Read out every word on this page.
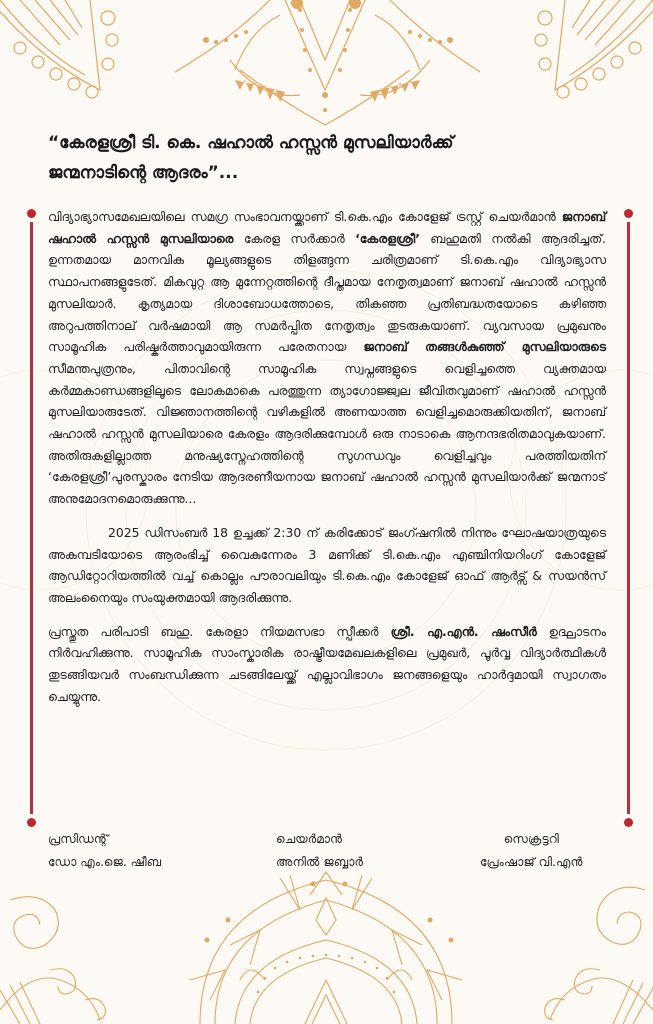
“കേരളശ്രീ ടി. കെ. ഷഹാൽ ഹസ്സൻ മുസലിയാർക്ക്
ജന്മനാടിന്റെ ആദരം”...

വിദ്യാഭ്യാസമേഖലയിലെ സമഗ്ര സംഭാവനയ്ക്കാണ് ടി.കെ.എം കോളേജ് ട്രസ്റ്റ് ചെയർമാൻ ജനാബ് ഷഹാൽ ഹസ്സൻ മുസലിയാരെ കേരള സർക്കാർ ‘കേരളശ്രീ’ ബഹുമതി നൽകി ആദരിച്ചത്. ഉന്നതമായ മാനവിക മൂല്യങ്ങളുടെ തിളങ്ങുന്ന ചരിത്രമാണ് ടി.കെ.എം വിദ്യാഭ്യാസ സ്ഥാപനങ്ങളുടേത്. മികവുറ്റ ആ മുന്നേറ്റത്തിന്റെ ദീപ്തമായ നേതൃത്വമാണ് ജനാബ് ഷഹാൽ ഹസ്സൻ മുസലിയാർ. കൃത്യമായ ദിശാബോധത്തോടെ, തികഞ്ഞ പ്രതിബദ്ധതയോടെ കഴിഞ്ഞ അറുപത്തിനാല് വർഷമായി ആ സമർപ്പിത നേതൃത്വം തുടരുകയാണ്. വ്യവസായ പ്രമുഖനും സാമൂഹിക പരിഷ്കർത്താവുമായിരുന്ന പരേതനായ ജനാബ് തങ്ങൾകുഞ്ഞ് മുസലിയാരുടെ സീമന്തപുത്രനും, പിതാവിന്റെ സാമൂഹിക സ്വപ്നങ്ങളുടെ വെളിച്ചത്തെ വ്യക്തമായ കർമ്മകാണ്ഡങ്ങളിലൂടെ ലോകമാകെ പരത്തുന്ന ത്യാഗോജ്ജ്വല ജീവിതവുമാണ് ഷഹാൽ ഹസ്സൻ മുസലിയാരുടേത്. വിജ്ഞാനത്തിന്റെ വഴികളിൽ അണയാത്ത വെളിച്ചമൊരുക്കിയതിന്, ജനാബ് ഷഹാൽ ഹസ്സൻ മുസലിയാരെ കേരളം ആദരിക്കുമ്പോൾ ഒരു നാടാകെ ആനന്ദഭരിതമാവുകയാണ്. അതിരുകളില്ലാത്ത മനുഷ്യസ്നേഹത്തിന്റെ സുഗന്ധവും വെളിച്ചവും പരത്തിയതിന് ‘കേരളശ്രീ’പുരസ്കാരം നേടിയ ആദരണീയനായ ജനാബ് ഷഹാൽ ഹസ്സൻ മുസലിയാർക്ക് ജന്മനാട് അനുമോദനമൊരുക്കുന്നു...

2025 ഡിസംബർ 18 ഉച്ചക്ക് 2:30 ന് കരിക്കോട് ജംഗ്ഷനിൽ നിന്നും ഘോഷയാത്രയുടെ അകമ്പടിയോടെ ആരംഭിച്ച് വൈകുന്നേരം 3 മണിക്ക് ടി.കെ.എം എഞ്ചിനിയറിംഗ് കോളേജ് ആഡിറ്റോറിയത്തിൽ വച്ച് കൊല്ലം പൗരാവലിയും ടി.കെ.എം കോളേജ് ഓഫ് ആർട്സ് & സയൻസ് അലംനൈയും സംയുക്തമായി ആദരിക്കുന്നു.

പ്രസ്തുത പരിപാടി ബഹു. കേരളാ നിയമസഭാ സ്പീക്കർ ശ്രീ. എ.എൻ. ഷംസീർ ഉദ്ഘാടനം നിർവഹിക്കുന്നു. സാമൂഹിക സാംസ്കാരിക രാഷ്ട്രീയമേഖലകളിലെ പ്രമുഖർ, പൂർവ്വ വിദ്യാർത്ഥികൾ തുടങ്ങിയവർ സംബന്ധിക്കുന്ന ചടങ്ങിലേയ്ക്ക് എല്ലാവിഭാഗം ജനങ്ങളെയും ഹാർദ്ദമായി സ്വാഗതം ചെയ്യുന്നു.

പ്രസിഡന്റ്
ഡോ എം.ജെ. ഷീബ
ചെയർമാൻ
അനിൽ ജബ്ബാർ
സെക്രട്ടറി
പ്രേംഷാജ് വി.എൻ
